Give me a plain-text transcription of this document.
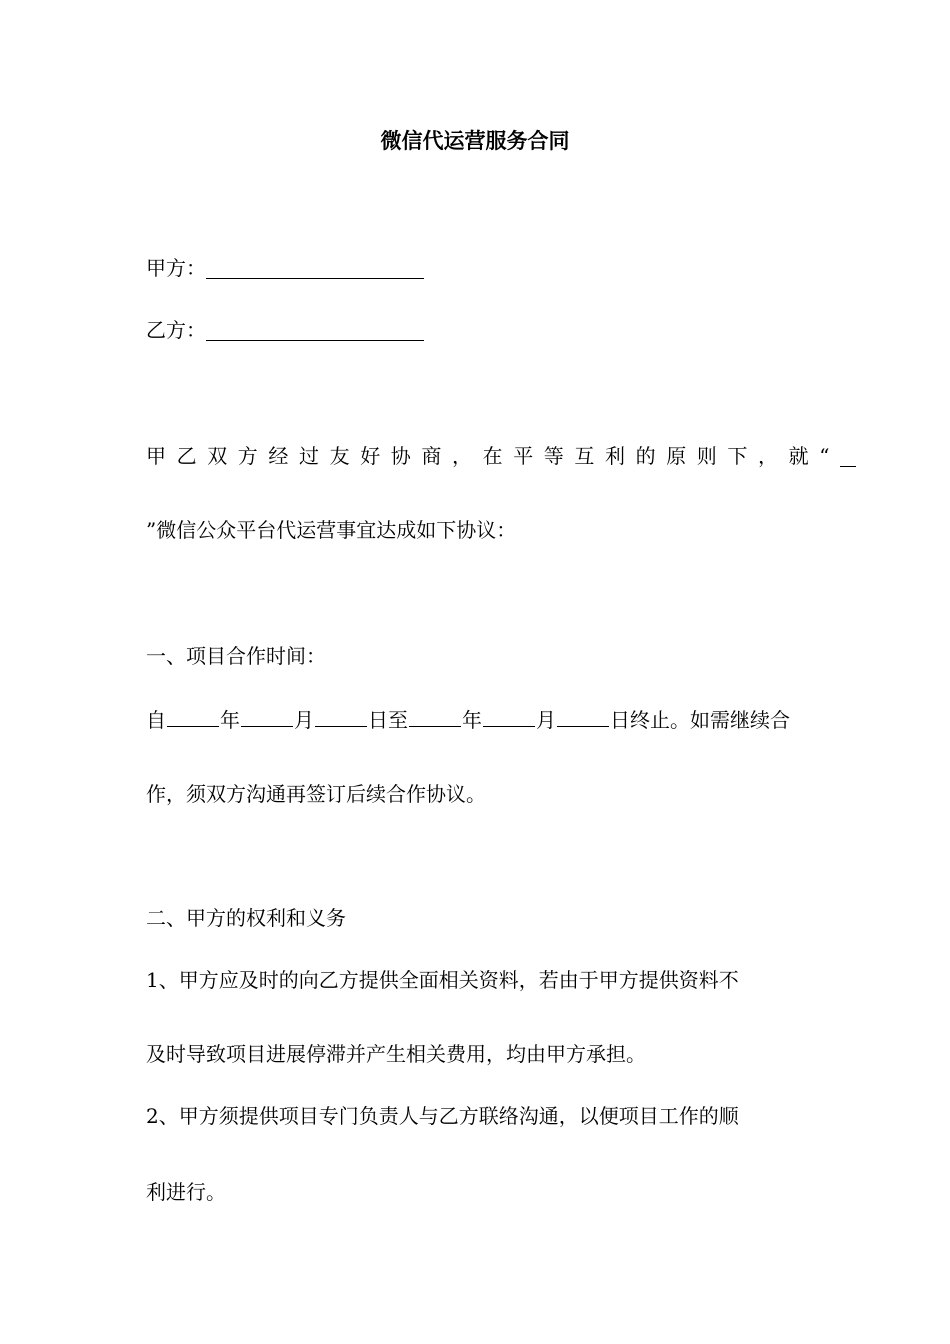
微信代运营服务合同
甲方：
乙方：
甲乙双方经过友好协商，在平等互利的原则下，就“
”微信公众平台代运营事宜达成如下协议：
一、项目合作时间：
自	年	月	日至	年	月	日终止。如需继续合
作，须双方沟通再签订后续合作协议。
二、甲方的权利和义务
1、甲方应及时的向乙方提供全面相关资料，若由于甲方提供资料不
及时导致项目进展停滞并产生相关费用，均由甲方承担。
2、甲方须提供项目专门负责人与乙方联络沟通，以便项目工作的顺
利进行。
